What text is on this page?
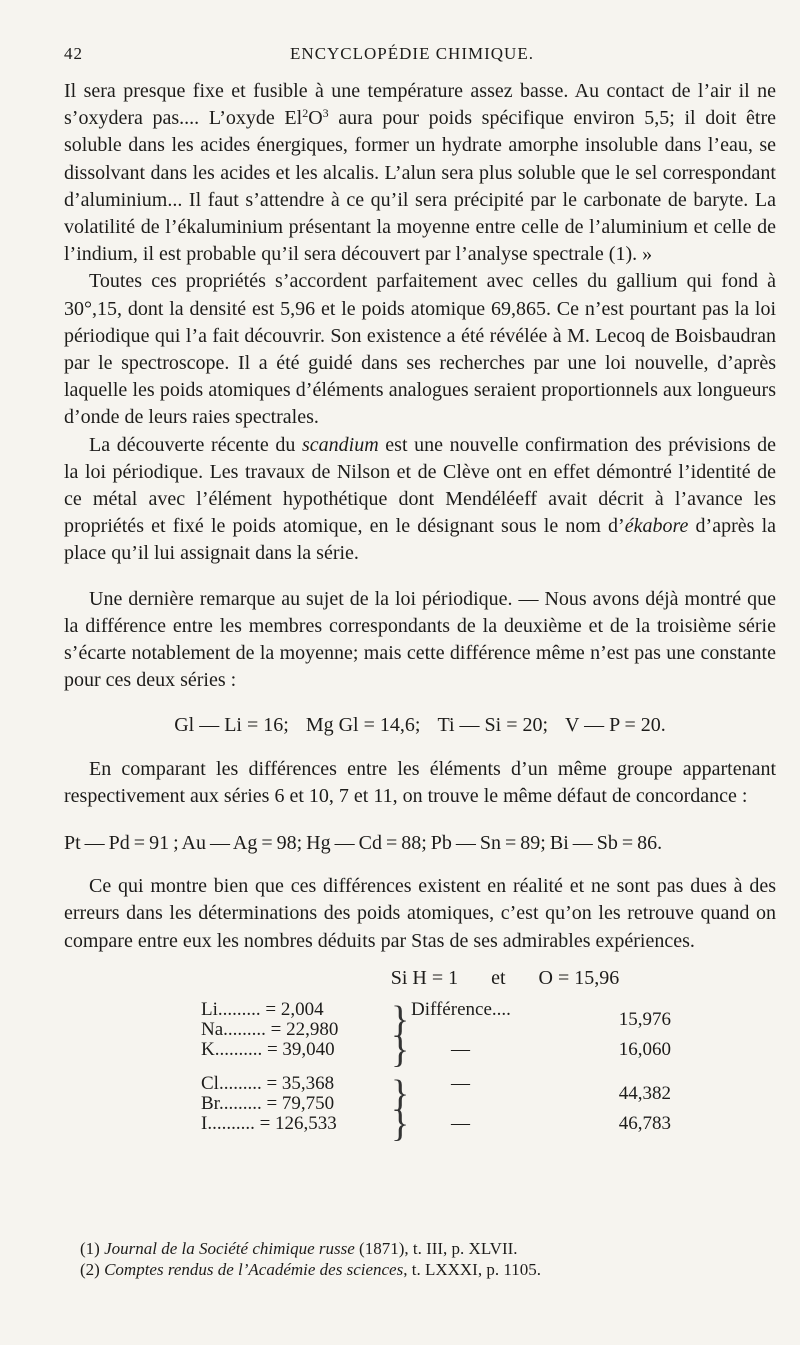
42	ENCYCLOPÉDIE CHIMIQUE.

Il sera presque fixe et fusible à une température assez basse. Au contact de l’air il ne s’oxydera pas.... L’oxyde $El^2O^3$ aura pour poids spécifique environ 5,5; il doit être soluble dans les acides énergiques, former un hydrate amorphe insoluble dans l’eau, se dissolvant dans les acides et les alcalis. L’alun sera plus soluble que le sel correspondant d’aluminium... Il faut s’attendre à ce qu’il sera précipité par le carbonate de baryte. La volatilité de l’ékaluminium présentant la moyenne entre celle de l’aluminium et celle de l’indium, il est probable qu’il sera découvert par l’analyse spectrale (1). »

Toutes ces propriétés s’accordent parfaitement avec celles du gallium qui fond à 30°,15, dont la densité est 5,96 et le poids atomique 69,865. Ce n’est pourtant pas la loi périodique qui l’a fait découvrir. Son existence a été révélée à M. Lecoq de Boisbaudran par le spectroscope. Il a été guidé dans ses recherches par une loi nouvelle, d’après laquelle les poids atomiques d’éléments analogues seraient proportionnels aux longueurs d’onde de leurs raies spectrales.

La découverte récente du scandium est une nouvelle confirmation des prévisions de la loi périodique. Les travaux de Nilson et de Clève ont en effet démontré l’identité de ce métal avec l’élément hypothétique dont Mendéléeff avait décrit à l’avance les propriétés et fixé le poids atomique, en le désignant sous le nom d’ékabore d’après la place qu’il lui assignait dans la série.

Une dernière remarque au sujet de la loi périodique. — Nous avons déjà montré que la différence entre les membres correspondants de la deuxième et de la troisième série s’écarte notablement de la moyenne; mais cette différence même n’est pas une constante pour ces deux séries :

Gl — Li = 16; Mg Gl = 14,6; Ti — Si = 20; V — P = 20.

En comparant les différences entre les éléments d’un même groupe appartenant respectivement aux séries 6 et 10, 7 et 11, on trouve le même défaut de concordance :

Pt — Pd = 91 ; Au — Ag = 98; Hg — Cd = 88; Pb — Sn = 89; Bi — Sb = 86.

Ce qui montre bien que ces différences existent en réalité et ne sont pas dues à des erreurs dans les déterminations des poids atomiques, c’est qu’on les retrouve quand on compare entre eux les nombres déduits par Stas de ses admirables expériences.

Si H = 1 et O = 15,96
Li......... = 2,004	}	Différence....	15,976
Na......... = 22,980			
K.......... = 39,040	}	—	16,060

Cl......... = 35,368	}	—	44,382
Br......... = 79,750			
I.......... = 126,533	}	—	46,783

(1) Journal de la Société chimique russe (1871), t. III, p. XLVII.

(2) Comptes rendus de l’Académie des sciences, t. LXXXI, p. 1105.
